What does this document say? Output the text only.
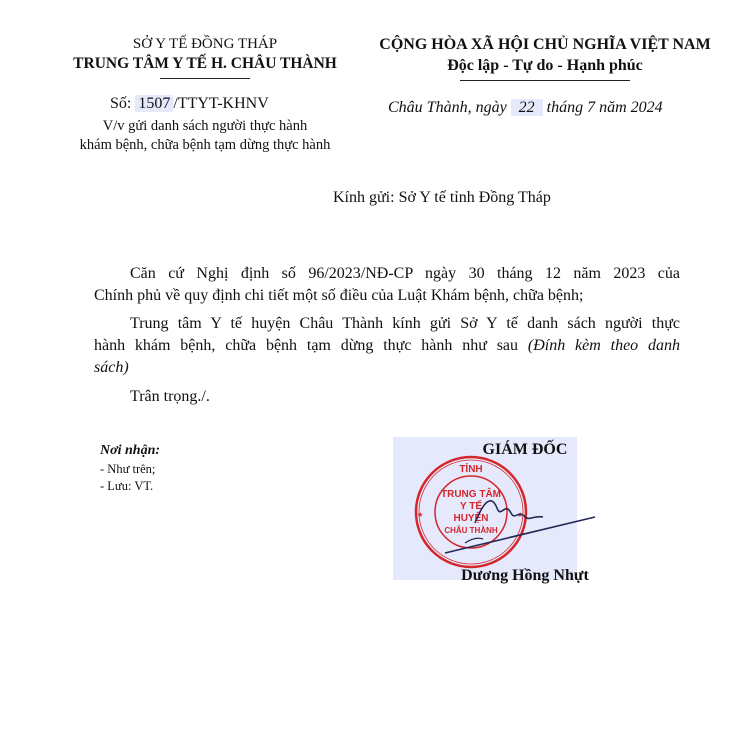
SỞ Y TẾ ĐỒNG THÁP
TRUNG TÂM Y TẾ H. CHÂU THÀNH
Số: 1507 /TTYT-KHNV
V/v gửi danh sách người thực hành
khám bệnh, chữa bệnh tạm dừng thực hành
CỘNG HÒA XÃ HỘI CHỦ NGHĨA VIỆT NAM
Độc lập - Tự do - Hạnh phúc
Châu Thành, ngày 22 tháng 7 năm 2024
Kính gửi: Sở Y tế tỉnh Đồng Tháp
Căn cứ Nghị định số 96/2023/NĐ-CP ngày 30 tháng 12 năm 2023 của
Chính phủ về quy định chi tiết một số điều của Luật Khám bệnh, chữa bệnh;
Trung tâm Y tế huyện Châu Thành kính gửi Sở Y tế danh sách người thực
hành khám bệnh, chữa bệnh tạm dừng thực hành như sau (Đính kèm theo danh
sách)
Trân trọng./.
Nơi nhận:
- Như trên;
- Lưu: VT.
GIÁM ĐỐC
TỈNH
TRUNG TÂM
Y TẾ
HUYỆN
CHÂU THÀNH
★	★
Dương Hồng Nhựt
